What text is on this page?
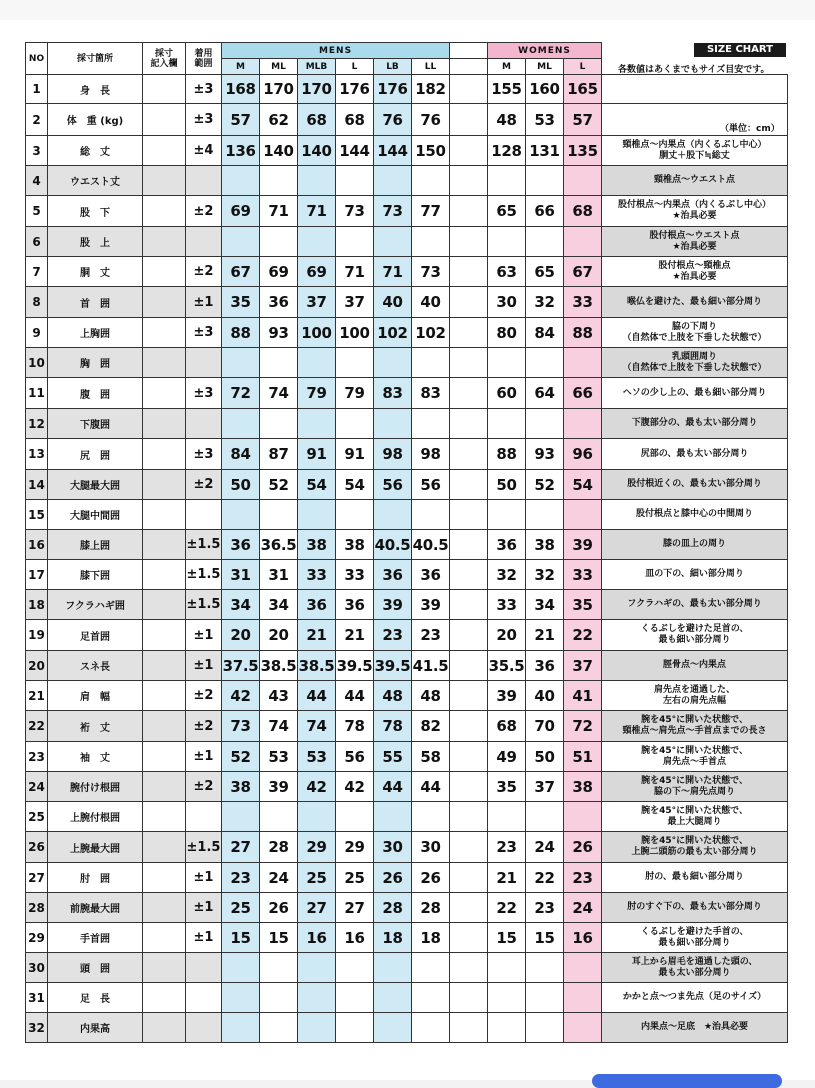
NO	採寸箇所	採寸
記入欄	着用
範囲	MENS							WOMENS			
				M	ML	MLB	L	LB	LL		M	ML	L	
1	身　長		±3	168	170	170	176	176	182		155	160	165	
2	体　重 (kg)		±3	57	62	68	68	76	76		48	53	57	
3	総　丈		±4	136	140	140	144	144	150		128	131	135	頸椎点〜内果点（内くるぶし中心）
胴丈＋股下≒総丈
4	ウエスト丈													頸椎点〜ウエスト点
5	股　下		±2	69	71	71	73	73	77		65	66	68	股付根点〜内果点（内くるぶし中心）
★治具必要
6	股　上													股付根点〜ウエスト点
★治具必要
7	胴　丈		±2	67	69	69	71	71	73		63	65	67	股付根点〜頸椎点
★治具必要
8	首　囲		±1	35	36	37	37	40	40		30	32	33	喉仏を避けた、最も細い部分周り
9	上胸囲		±3	88	93	100	100	102	102		80	84	88	脇の下周り
（自然体で上肢を下垂した状態で）
10	胸　囲													乳頭囲周り
（自然体で上肢を下垂した状態で）
11	腹　囲		±3	72	74	79	79	83	83		60	64	66	ヘソの少し上の、最も細い部分周り
12	下腹囲													下腹部分の、最も太い部分周り
13	尻　囲		±3	84	87	91	91	98	98		88	93	96	尻部の、最も太い部分周り
14	大腿最大囲		±2	50	52	54	54	56	56		50	52	54	股付根近くの、最も太い部分周り
15	大腿中間囲													股付根点と膝中心の中間周り
16	膝上囲		±1.5	36	36.5	38	38	40.5	40.5		36	38	39	膝の皿上の周り
17	膝下囲		±1.5	31	31	33	33	36	36		32	32	33	皿の下の、細い部分周り
18	フクラハギ囲		±1.5	34	34	36	36	39	39		33	34	35	フクラハギの、最も太い部分周り
19	足首囲		±1	20	20	21	21	23	23		20	21	22	くるぶしを避けた足首の、
最も細い部分周り
20	スネ長		±1	37.5	38.5	38.5	39.5	39.5	41.5		35.5	36	37	脛骨点〜内果点
21	肩　幅		±2	42	43	44	44	48	48		39	40	41	肩先点を通過した、
左右の肩先点幅
22	裄　丈		±2	73	74	74	78	78	82		68	70	72	腕を45°に開いた状態で、
頸椎点〜肩先点〜手首点までの長さ
23	袖　丈		±1	52	53	53	56	55	58		49	50	51	腕を45°に開いた状態で、
肩先点〜手首点
24	腕付け根囲		±2	38	39	42	42	44	44		35	37	38	腕を45°に開いた状態で、
脇の下〜肩先点周り
25	上腕付根囲													腕を45°に開いた状態で、
最上大腿周り
26	上腕最大囲		±1.5	27	28	29	29	30	30		23	24	26	腕を45°に開いた状態で、
上腕二頭筋の最も太い部分周り
27	肘　囲		±1	23	24	25	25	26	26		21	22	23	肘の、最も細い部分周り
28	前腕最大囲		±1	25	26	27	27	28	28		22	23	24	肘のすぐ下の、最も太い部分周り
29	手首囲		±1	15	15	16	16	18	18		15	15	16	くるぶしを避けた手首の、
最も細い部分周り
30	頭　囲													耳上から眉毛を通過した頭の、
最も太い部分周り
31	足　長													かかと点〜つま先点（足のサイズ）
32	内果高													内果点〜足底　★治具必要
SIZE CHART
各数値はあくまでもサイズ目安です。
（単位：cm）
